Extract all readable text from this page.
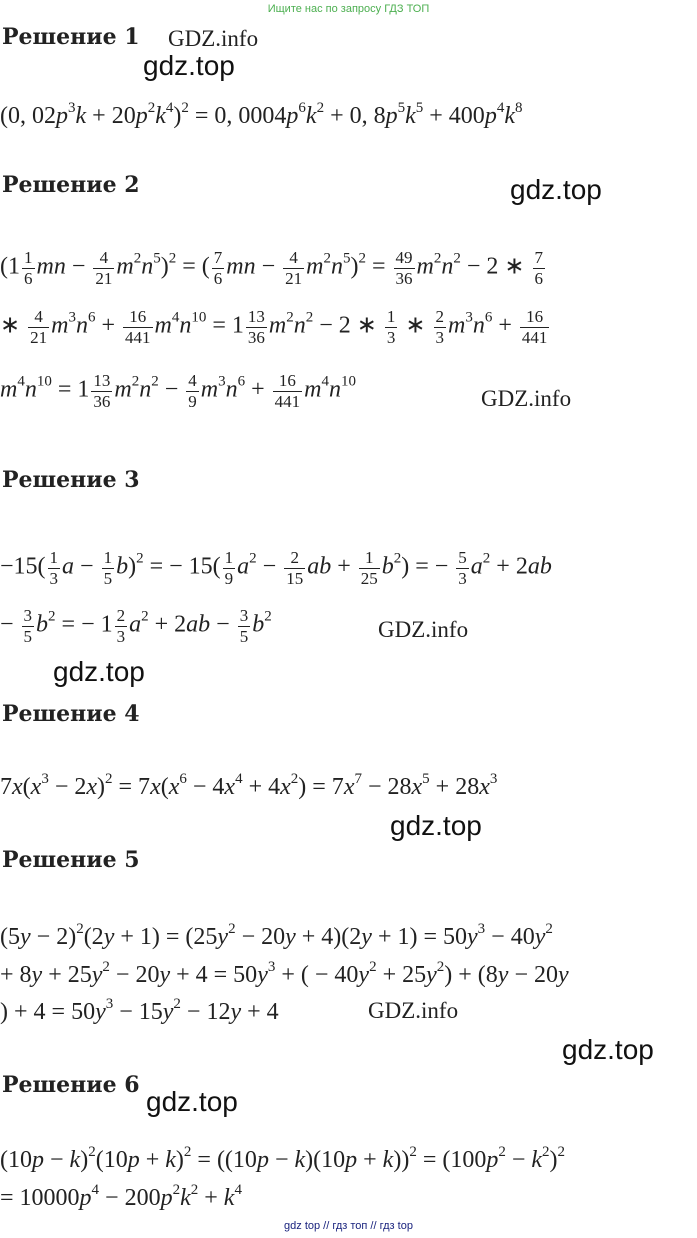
Ищите нас по запросу ГДЗ ТОП
Решение 1 GDZ.info
gdz.top
(0, $02p^3k + 20p^2k^4)^2 = 0$, $0004p^6k^2 + 0$, $8p^5k^5 + 400p^4k^8$
Решение 2	gdz.top
($1 \frac{1}{6}$ mn − $\frac{4}{21} m^2n^5)^2$ = ( $\frac{7}{6}$ mn − $\frac{4}{21} m^2n^5)^2 = \frac{49}{36} m^2n^2 - 2$ ∗ $\frac{7}{6}$
∗ $\frac{4}{21} m^3n^6 + \frac{16}{441} m^4n^{10} = 1 \frac{13}{36} m^2n^2 - 2$ ∗ $\frac{1}{3}$ ∗ $\frac{2}{3} m^3n^6 + \frac{16}{441}$
$m^4n^{10} = 1 \frac{13}{36} m^2n^2 - \frac{4}{9} m^3n^6 + \frac{16}{441} m^4n^{10}$
GDZ.info
Решение 3
$-15( \frac{1}{3}$ $a - \frac{1}{5} b)^2$ = − $15( \frac{1}{9} a^2 - \frac{2}{15}$ ab + $\frac{1}{25} b^2$) = − $\frac{5}{3} a^2 + 2ab$
− $\frac{3}{5} b^2$ = − $1 \frac{2}{3} a^2 + 2ab - \frac{3}{5} b^2$
GDZ.info
gdz.top
Решение 4
$7x(x^3 - 2x)^2 = 7x(x^6 - 4x^4 + 4x^2) = 7x^7 - 28x^5 + 28x^3$
gdz.top
Решение 5
$(5y - 2)^2(2y + 1) = (25y^2 - 20y + 4)(2y + 1) = 50y^3 - 40y^2$
+ $8y + 25y^2 - 20y + 4 = 50y^3$ + ( − $40y^2 + 25y^2) + (8y - 20y$
) + $4 = 50y^3 - 15y^2 - 12y + 4$	GDZ.info
gdz.top
Решение 6
gdz.top
$(10p - k)^2(10p + k)^2 = ((10p - k)(10p + k))^2 = (100p^2 - k^2)^2$
= $10000p^4 - 200p^2k^2 + k^4$
gdz top // гдз топ // гдз top
